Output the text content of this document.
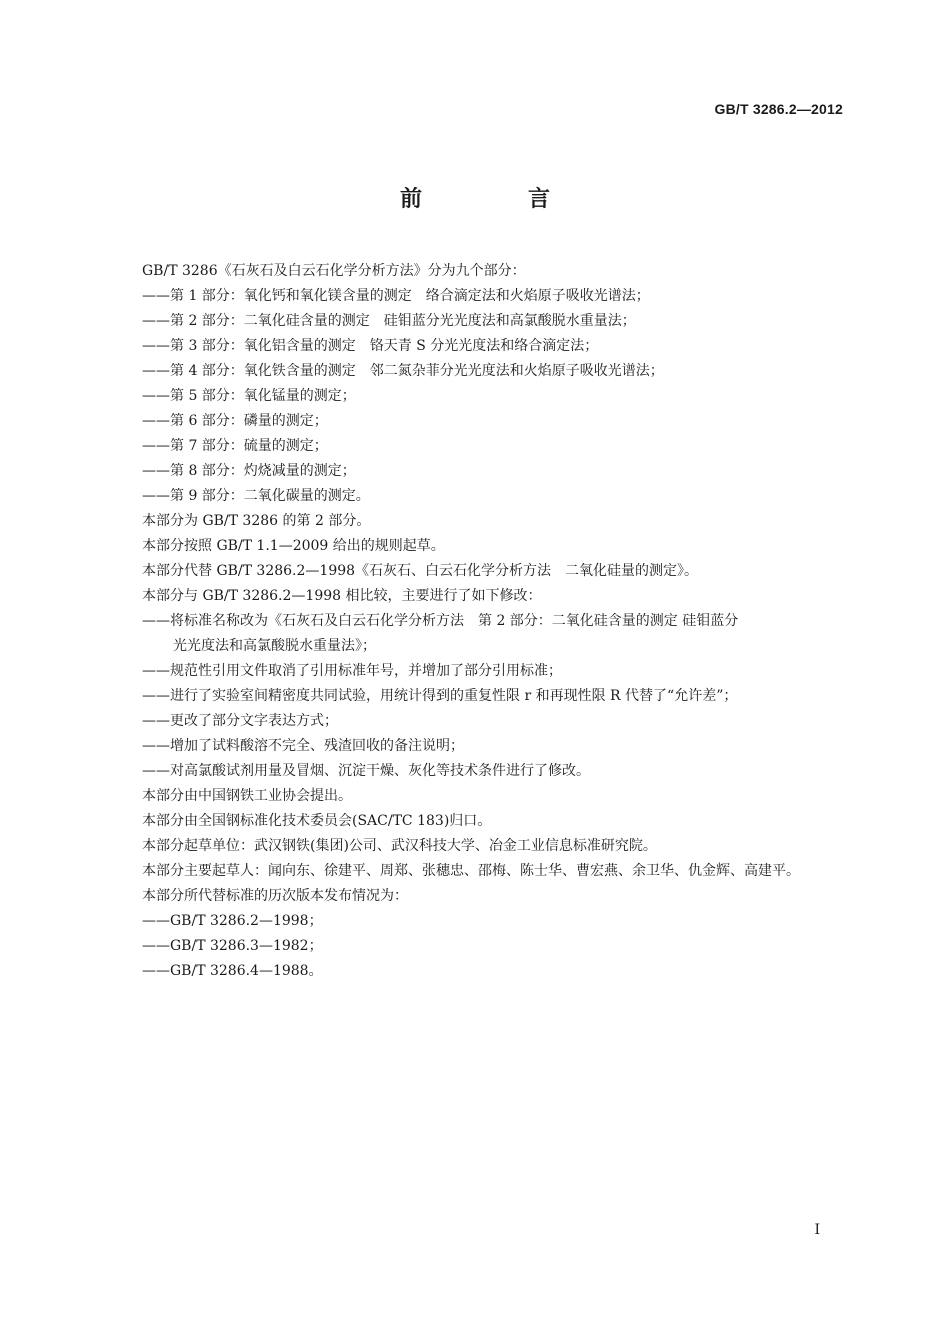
GB/T 3286.2—2012
前　言
GB/T 3286《石灰石及白云石化学分析方法》分为九个部分：
——第 1 部分：氧化钙和氧化镁含量的测定　络合滴定法和火焰原子吸收光谱法；
——第 2 部分：二氧化硅含量的测定　硅钼蓝分光光度法和高氯酸脱水重量法；
——第 3 部分：氧化铝含量的测定　铬天青 S 分光光度法和络合滴定法；
——第 4 部分：氧化铁含量的测定　邻二氮杂菲分光光度法和火焰原子吸收光谱法；
——第 5 部分：氧化锰量的测定；
——第 6 部分：磷量的测定；
——第 7 部分：硫量的测定；
——第 8 部分：灼烧减量的测定；
——第 9 部分：二氧化碳量的测定。
本部分为 GB/T 3286 的第 2 部分。
本部分按照 GB/T 1.1—2009 给出的规则起草。
本部分代替 GB/T 3286.2—1998《石灰石、白云石化学分析方法　二氧化硅量的测定》。
本部分与 GB/T 3286.2—1998 相比较，主要进行了如下修改：
——将标准名称改为《石灰石及白云石化学分析方法　第 2 部分：二氧化硅含量的测定 硅钼蓝分
光光度法和高氯酸脱水重量法》；
——规范性引用文件取消了引用标准年号，并增加了部分引用标准；
——进行了实验室间精密度共同试验，用统计得到的重复性限 r 和再现性限 R 代替了“允许差”；
——更改了部分文字表达方式；
——增加了试料酸溶不完全、残渣回收的备注说明；
——对高氯酸试剂用量及冒烟、沉淀干燥、灰化等技术条件进行了修改。
本部分由中国钢铁工业协会提出。
本部分由全国钢标准化技术委员会(SAC/TC 183)归口。
本部分起草单位：武汉钢铁(集团)公司、武汉科技大学、冶金工业信息标准研究院。
本部分主要起草人：闻向东、徐建平、周郑、张穗忠、邵梅、陈士华、曹宏燕、余卫华、仇金辉、高建平。
本部分所代替标准的历次版本发布情况为：
——GB/T 3286.2—1998；
——GB/T 3286.3—1982；
——GB/T 3286.4—1988。
I
